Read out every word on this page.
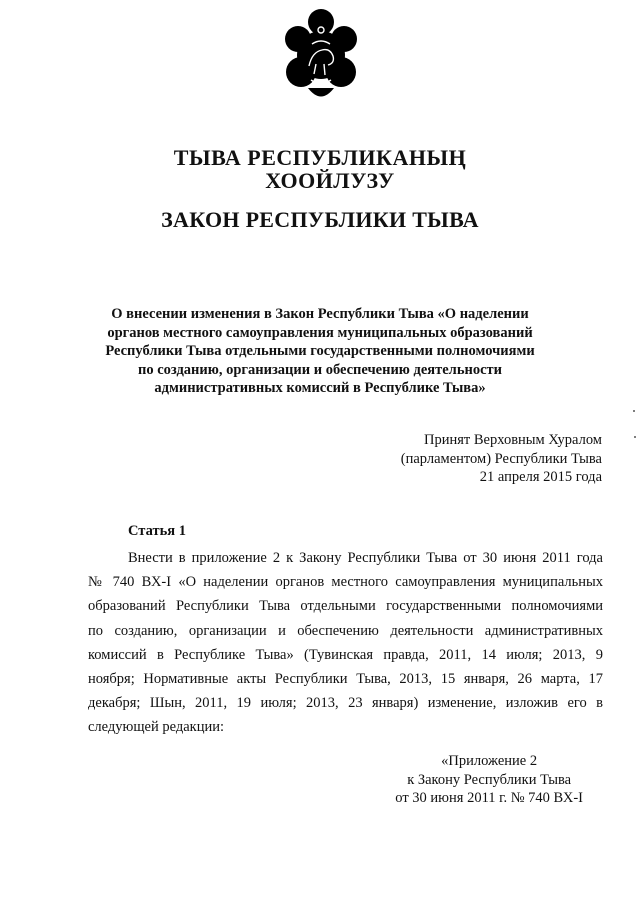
ТЫВА РЕСПУБЛИКАНЫҢ
ХООЙЛУЗУ
ЗАКОН РЕСПУБЛИКИ ТЫВА
О внесении изменения в Закон Республики Тыва «О наделении
органов местного самоуправления муниципальных образований
Республики Тыва отдельными государственными полномочиями
по созданию, организации и обеспечению деятельности
административных комиссий в Республике Тыва»
Принят Верховным Хуралом
(парламентом) Республики Тыва
21 апреля 2015 года
Статья 1
Внести в приложение 2 к Закону Республики Тыва от 30 июня 2011 года
№ 740 ВХ-I «О наделении органов местного самоуправления муниципальных
образований Республики Тыва отдельными государственными полномочиями
по созданию, организации и обеспечению деятельности административных
комиссий в Республике Тыва» (Тувинская правда, 2011, 14 июля; 2013, 9
ноября; Нормативные акты Республики Тыва, 2013, 15 января, 26 марта, 17
декабря; Шын, 2011, 19 июля; 2013, 23 января) изменение, изложив его в
следующей редакции:
«Приложение 2
к Закону Республики Тыва
от 30 июня 2011 г. № 740 ВХ-I
